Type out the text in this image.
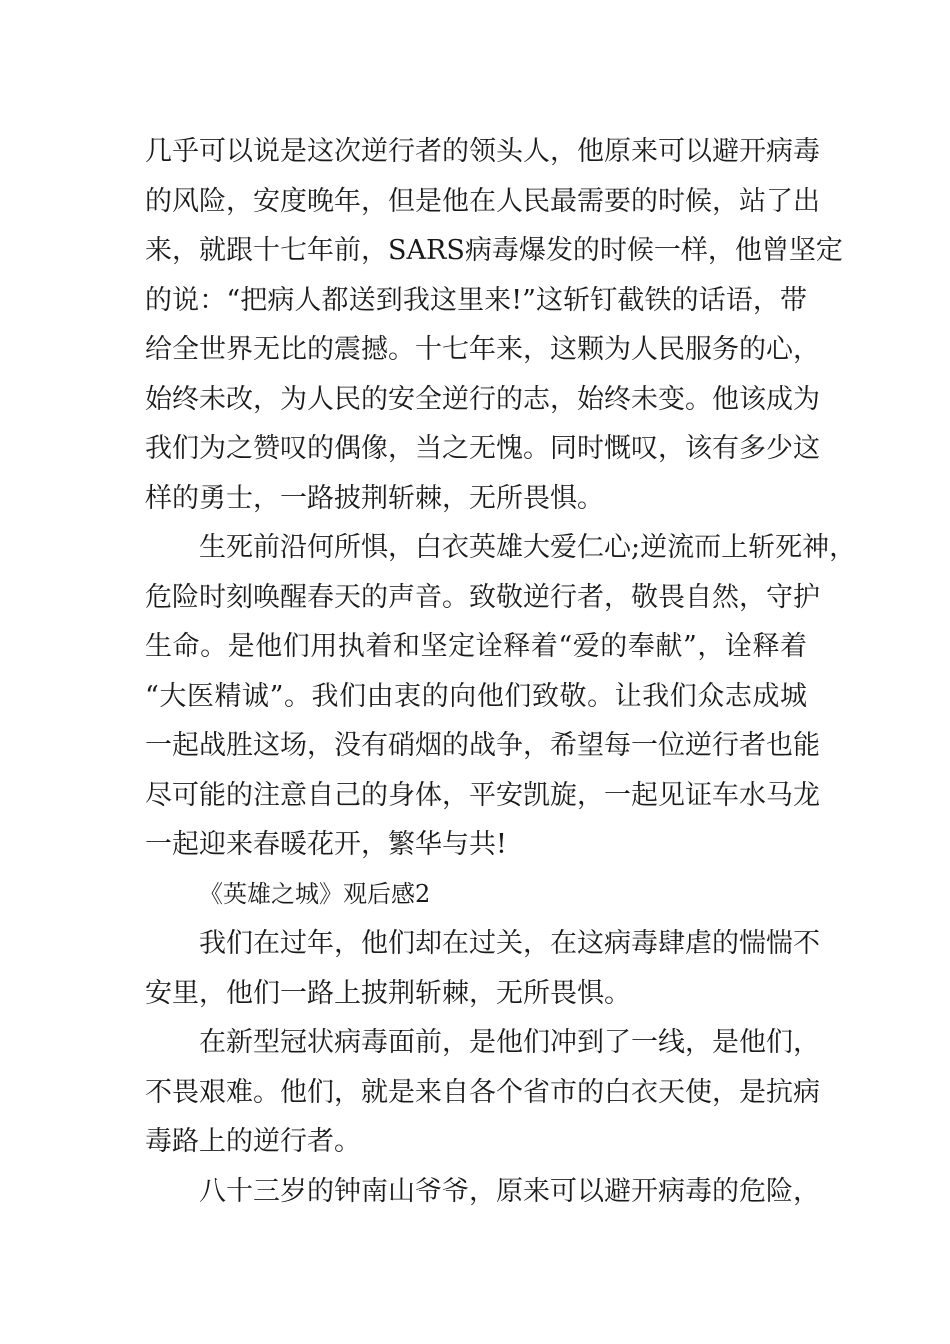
几乎可以说是这次逆行者的领头人，他原来可以避开病毒
的风险，安度晚年，但是他在人民最需要的时候，站了出
来，就跟十七年前，SARS病毒爆发的时候一样，他曾坚定
的说：“把病人都送到我这里来!”这斩钉截铁的话语，带
给全世界无比的震撼。十七年来，这颗为人民服务的心，
始终未改，为人民的安全逆行的志，始终未变。他该成为
我们为之赞叹的偶像，当之无愧。同时慨叹，该有多少这
样的勇士，一路披荆斩棘，无所畏惧。
生死前沿何所惧，白衣英雄大爱仁心;逆流而上斩死神，
危险时刻唤醒春天的声音。致敬逆行者，敬畏自然，守护
生命。是他们用执着和坚定诠释着“爱的奉献”，诠释着
“大医精诚”。我们由衷的向他们致敬。让我们众志成城
一起战胜这场，没有硝烟的战争，希望每一位逆行者也能
尽可能的注意自己的身体，平安凯旋，一起见证车水马龙
一起迎来春暖花开，繁华与共!
《英雄之城》观后感2
我们在过年，他们却在过关，在这病毒肆虐的惴惴不
安里，他们一路上披荆斩棘，无所畏惧。
在新型冠状病毒面前，是他们冲到了一线，是他们，
不畏艰难。他们，就是来自各个省市的白衣天使，是抗病
毒路上的逆行者。
八十三岁的钟南山爷爷，原来可以避开病毒的危险，
